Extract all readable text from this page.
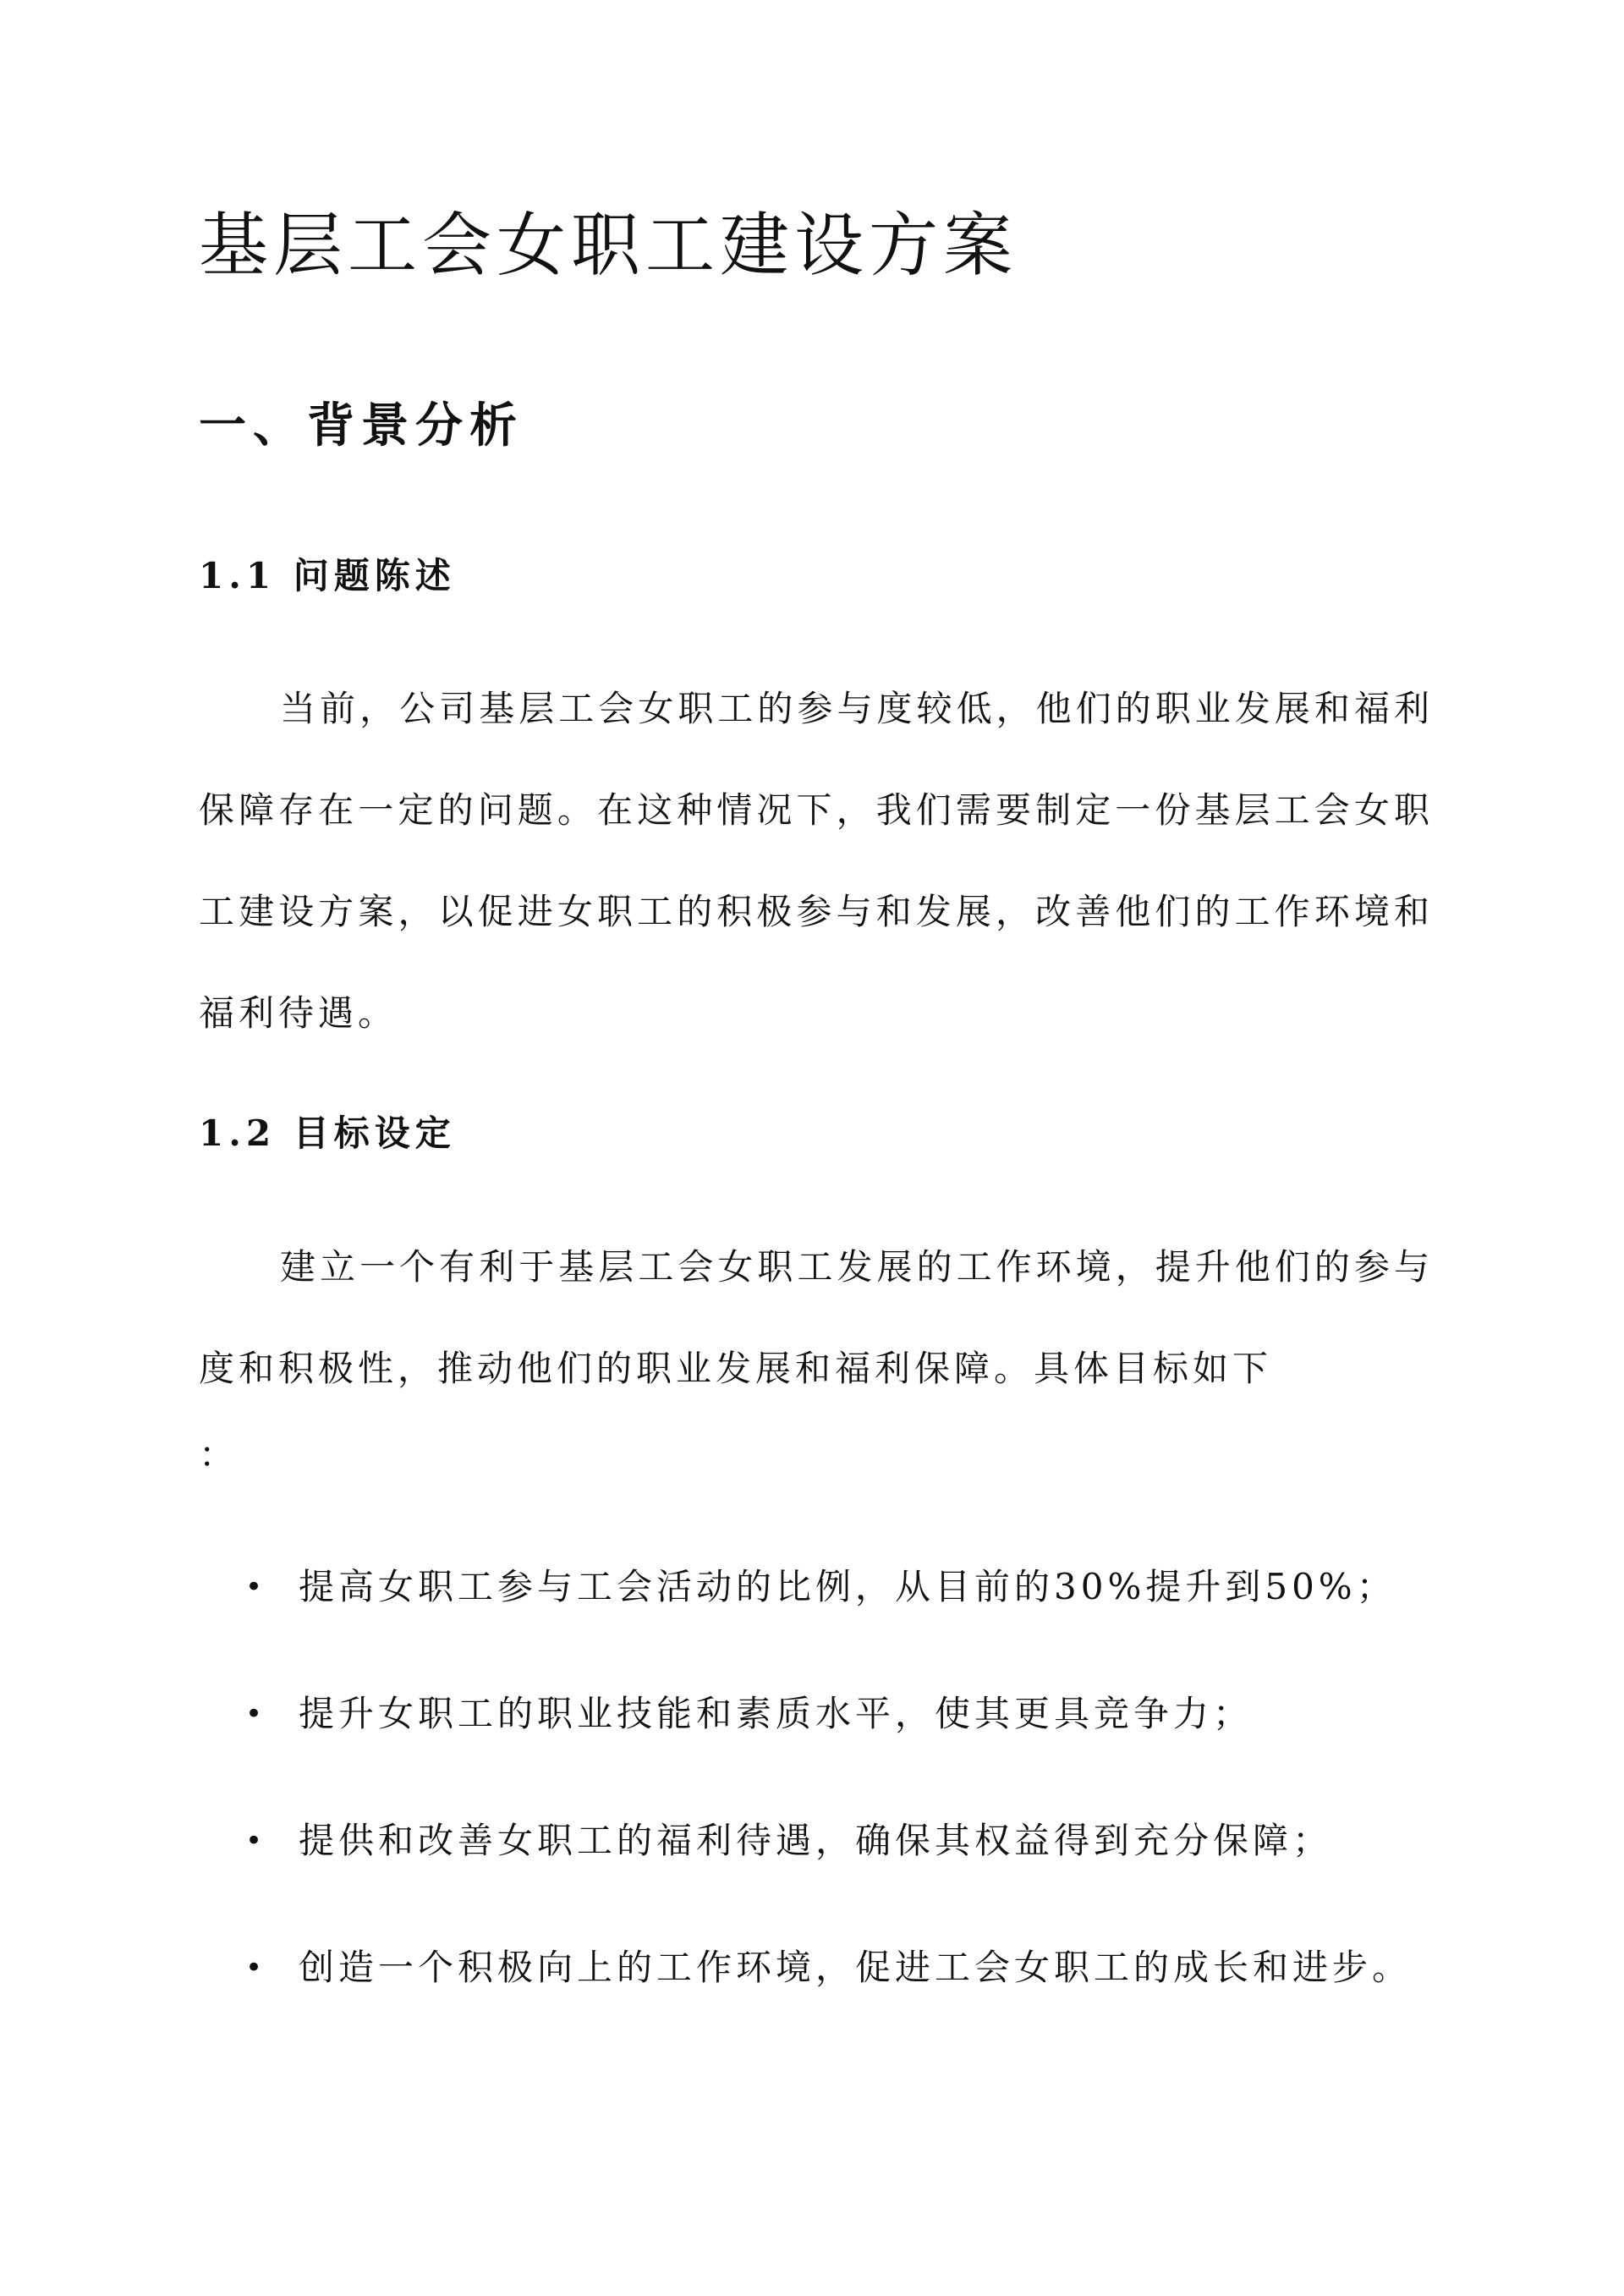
基层工会女职工建设方案
一、背景分析
1.1 问题陈述

当前，公司基层工会女职工的参与度较低，他们的职业发展和福利保障存在一定的问题。在这种情况下，我们需要制定一份基层工会女职工建设方案，以促进女职工的积极参与和发展，改善他们的工作环境和福利待遇。

1.2 目标设定

建立一个有利于基层工会女职工发展的工作环境，提升他们的参与度和积极性，推动他们的职业发展和福利保障。具体目标如下

：

• 提高女职工参与工会活动的比例，从目前的30%提升到50%；
• 提升女职工的职业技能和素质水平，使其更具竞争力；
• 提供和改善女职工的福利待遇，确保其权益得到充分保障；
• 创造一个积极向上的工作环境，促进工会女职工的成长和进步。
